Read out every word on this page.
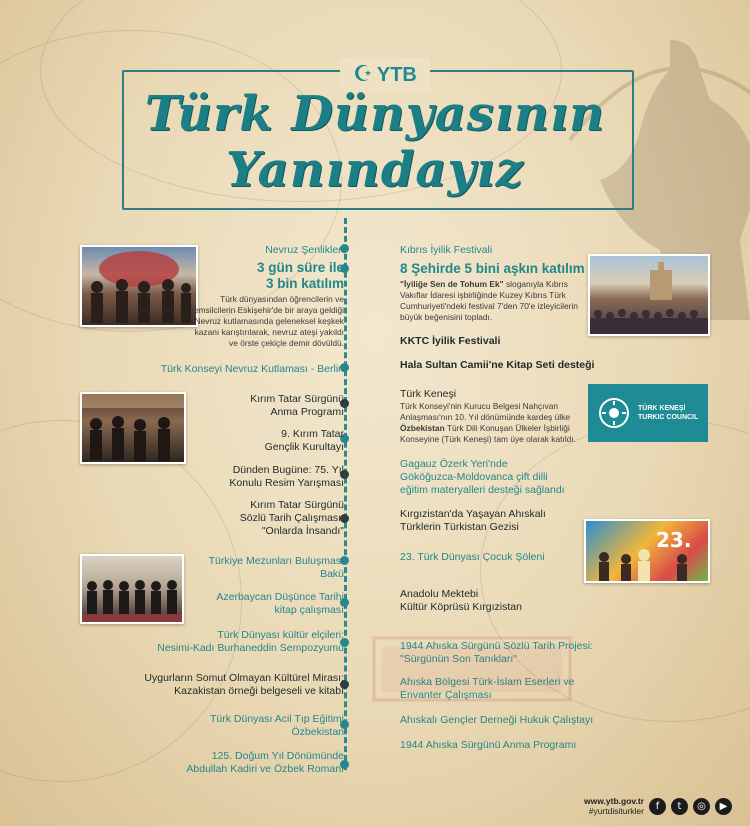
☪ YTB
Türk Dünyasının
Yanındayız
Nevruz Şenlikleri
3 gün süre ile
3 bin katılım
Türk dünyasından öğrencilerin ve temsilcilerin Eskişehir'de bir araya geldiği Nevruz kutlamasında geleneksel keşkek kazanı karıştırılarak, nevruz ateşi yakıldı ve örste çekiçle demir dövüldü.
Türk Konseyi Nevruz Kutlaması - Berlin
Kırım Tatar Sürgünü
Anma Programı
9. Kırım Tatar
Gençlik Kurultayı
Dünden Bugüne: 75. Yıl
Konulu Resim Yarışması
Kırım Tatar Sürgünü
Sözlü Tarih Çalışması:
"Onlarda İnsandı"
Türkiye Mezunları Buluşması
Bakü
Azerbaycan Düşünce Tarihi
kitap çalışması
Türk Dünyası kültür elçileri:
Nesimi-Kadı Burhaneddin Sempozyumu
Uygurların Somut Olmayan Kültürel Mirası:
Kazakistan örneği belgeseli ve kitabı
Türk Dünyası Acil Tıp Eğitimi
Özbekistan
125. Doğum Yıl Dönümünde
Abdullah Kadiri ve Özbek Romanı
Kıbrıs İyilik Festivali
8 Şehirde 5 bini aşkın katılım
"İyiliğe Sen de Tohum Ek" sloganıyla Kıbrıs Vakıflar İdaresi işbirliğinde Kuzey Kıbrıs Türk Cumhuriyeti'ndeki festival 7'den 70'e izleyicilerin büyük beğenisini topladı.
KKTC İyilik Festivali
Hala Sultan Camii'ne Kitap Seti desteği
Türk Keneşi
Türk Konseyi'nin Kurucu Belgesi Nahçıvan Anlaşması'nın 10. Yıl dönümünde kardeş ülke Özbekistan Türk Dili Konuşan Ülkeler İşbirliği Konseyine (Türk Keneşi) tam üye olarak katıldı.
TÜRK KENEŞİ
TURKIC COUNCIL
Gagauz Özerk Yeri'nde
Gököğuzca-Moldovanca çift dilli
eğitim materyalleri desteği sağlandı
Kırgızistan'da Yaşayan Ahıskalı
Türklerin Türkistan Gezisi
23. Türk Dünyası Çocuk Şöleni
23.
Anadolu Mektebi
Kültür Köprüsü Kırgızistan
1944 Ahıska Sürgünü Sözlü Tarih Projesi:
"Sürgünün Son Tanıkları"
Ahıska Bölgesi Türk-İslam Eserleri ve
Envanter Çalışması
Ahıskalı Gençler Derneği Hukuk Çalıştayı
1944 Ahıska Sürgünü Anma Programı
www.ytb.gov.tr
#yurtdisiturkler	f	t	◎	▶
